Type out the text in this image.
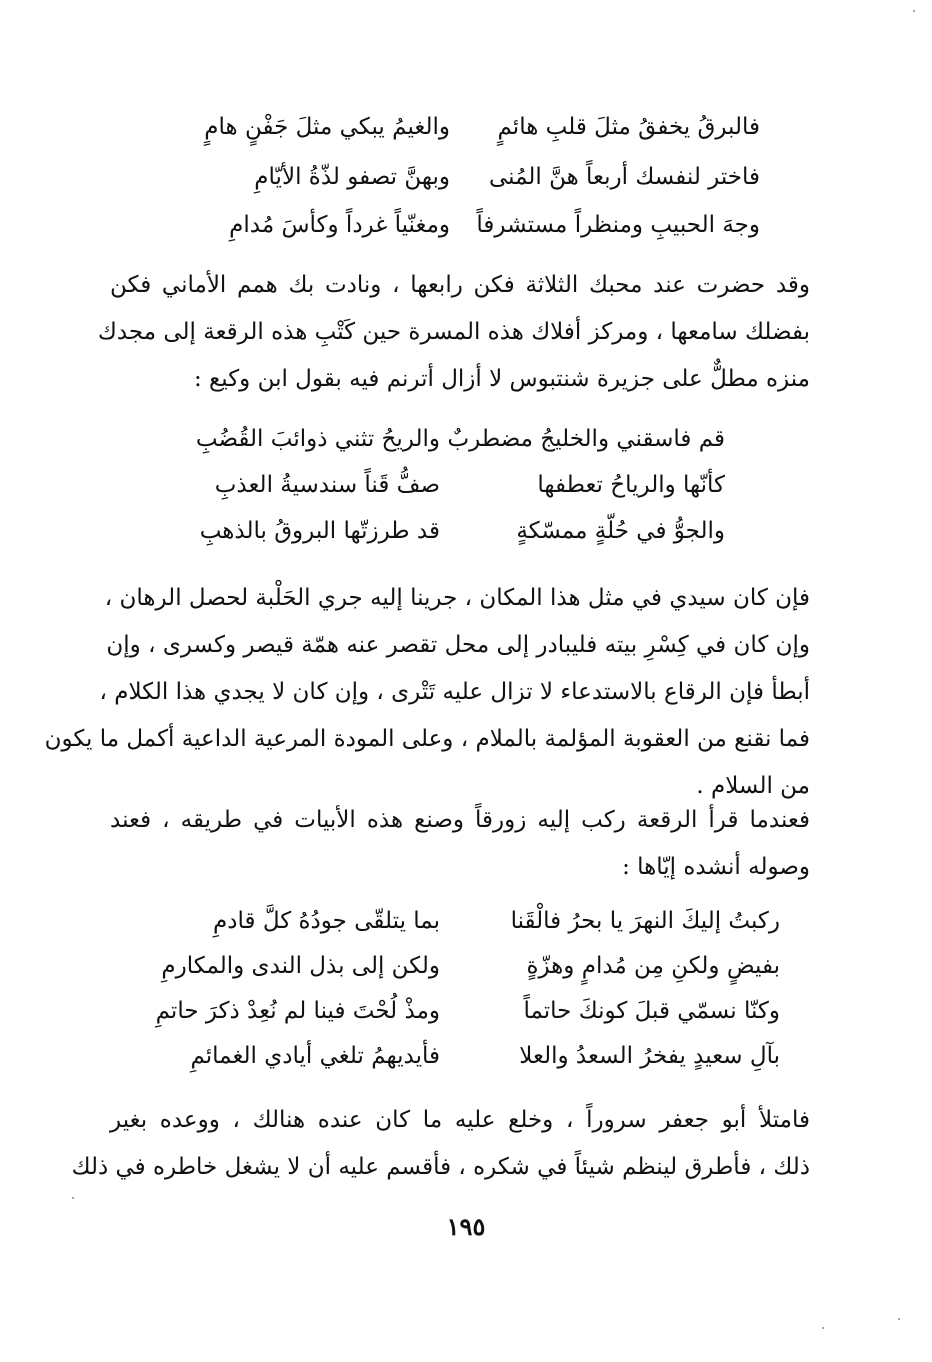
فالبرقُ يخفقُ مثلَ قلبِ هائمٍ
والغيمُ يبكي مثلَ جَفْنٍ هامٍ
فاختر لنفسك أربعاً هنَّ المُنى
وبهنَّ تصفو لذّةُ الأيّامِ
وجهَ الحبيبِ ومنظراً مستشرفاً
ومغنّياً غرداً وكأسَ مُدامِ
وقد حضرت عند محبك الثلاثة فكن رابعها ، ونادت بك همم الأماني فكن
بفضلك سامعها ، ومركز أفلاك هذه المسرة حين كَتْبِ هذه الرقعة إلى مجدك
منزه مطلٌّ على جزيرة شنتبوس لا أزال أترنم فيه بقول ابن وكيع :
قم فاسقني والخليجُ مضطربٌ
والريحُ تثني ذوائبَ القُضُبِ
كأنّها والرياحُ تعطفها
صفُّ قَناً سندسيةُ العذبِ
والجوُّ في حُلّةٍ ممسّكةٍ
قد طرزتّها البروقُ بالذهبِ
فإن كان سيدي في مثل هذا المكان ، جرينا إليه جري الحَلْبة لحصل الرهان ،
وإن كان في كِسْرِ بيته فليبادر إلى محل تقصر عنه همّة قيصر وكسرى ، وإن
أبطأ فإن الرقاع بالاستدعاء لا تزال عليه تَتْرى ، وإن كان لا يجدي هذا الكلام ،
فما نقنع من العقوبة المؤلمة بالملام ، وعلى المودة المرعية الداعية أكمل ما يكون
من السلام .
فعندما قرأ الرقعة ركب إليه زورقاً وصنع هذه الأبيات في طريقه ، فعند
وصوله أنشده إيّاها :
ركبتُ إليكَ النهرَ يا بحرُ فالْقَنا
بما يتلقّى جودُهُ كلَّ قادمِ
بفيضٍ ولكنِ مِن مُدامٍ وهزّةٍ
ولكن إلى بذل الندى والمكارمِ
وكنّا نسمّي قبلَ كونكَ حاتماً
ومذْ لُحْتَ فينا لم نُعِدْ ذكرَ حاتمِ
بآلِ سعيدٍ يفخرُ السعدُ والعلا
فأيديهمُ تلغي أيادي الغمائمِ
فامتلأ أبو جعفر سروراً ، وخلع عليه ما كان عنده هنالك ، ووعده بغير
ذلك ، فأطرق لينظم شيئاً في شكره ، فأقسم عليه أن لا يشغل خاطره في ذلك
١٩٥
